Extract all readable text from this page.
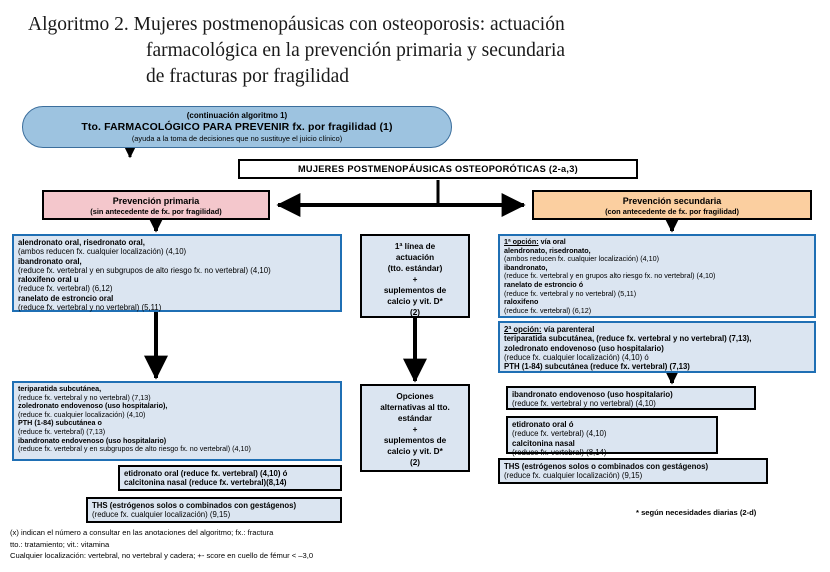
Algoritmo 2. Mujeres postmenopáusicas con osteoporosis: actuación
farmacológica en la prevención primaria y secundaria
de fracturas por fragilidad
(continuación algoritmo 1)
Tto. FARMACOLÓGICO PARA PREVENIR fx. por fragilidad (1)
(ayuda a la toma de decisiones que no sustituye el juicio clínico)
MUJERES POSTMENOPÁUSICAS OSTEOPORÓTICAS (2-a,3)
Prevención primaria
(sin antecedente de fx. por fragilidad)
Prevención secundaria
(con antecedente de fx. por fragilidad)
alendronato oral, risedronato oral,
(ambos reducen fx. cualquier localización) (4,10)
ibandronato oral,
(reduce fx. vertebral y en subgrupos de alto riesgo fx. no vertebral) (4,10)
raloxifeno oral u
(reduce fx. vertebral) (6,12)
ranelato de estroncio oral
(reduce fx. vertebral y no vertebral) (5,11)
teriparatida subcutánea,
(reduce fx. vertebral y no vertebral) (7,13)
zoledronato endovenoso (uso hospitalario),
(reduce fx. cualquier localización) (4,10)
PTH (1-84) subcutánea o
(reduce fx. vertebral) (7,13)
ibandronato endovenoso (uso hospitalario)
(reduce fx. vertebral y en subgrupos de alto riesgo fx. no vertebral) (4,10)
etidronato oral (reduce fx. vertebral) (4,10) ó
calcitonina nasal (reduce fx. vertebral)(8,14)
THS (estrógenos solos o combinados con gestágenos)
(reduce fx. cualquier localización) (9,15)
1ª línea de
actuación
(tto. estándar)
+
suplementos de
calcio y vit. D*
(2)
Opciones
alternativas al tto.
estándar
+
suplementos de
calcio y vit. D*
(2)
1ª opción: vía oral
alendronato, risedronato,
(ambos reducen fx. cualquier localización) (4,10)
ibandronato,
(reduce fx. vertebral y en grupos alto riesgo fx. no vertebral) (4,10)
ranelato de estroncio ó
(reduce fx. vertebral y no vertebral) (5,11)
raloxifeno
(reduce fx. vertebral) (6,12)
2ª opción: vía parenteral
teriparatida subcutánea, (reduce fx. vertebral y no vertebral) (7,13),
zoledronato endovenoso (uso hospitalario)
(reduce fx. cualquier localización) (4,10) ó
PTH (1-84) subcutánea (reduce fx. vertebral) (7,13)
ibandronato endovenoso (uso hospitalario)
(reduce fx. vertebral y no vertebral) (4,10)
etidronato oral ó
(reduce fx. vertebral) (4,10)
calcitonina nasal
(reduce fx. vertebral) (8,14)
THS (estrógenos solos o combinados con gestágenos)
(reduce fx. cualquier localización) (9,15)
(x) indican el número a consultar en las anotaciones del algoritmo; fx.: fractura
tto.: tratamiento; vit.: vitamina
Cualquier localización: vertebral, no vertebral y cadera; +- score en cuello de fémur < –3,0
* según necesidades diarias (2-d)
